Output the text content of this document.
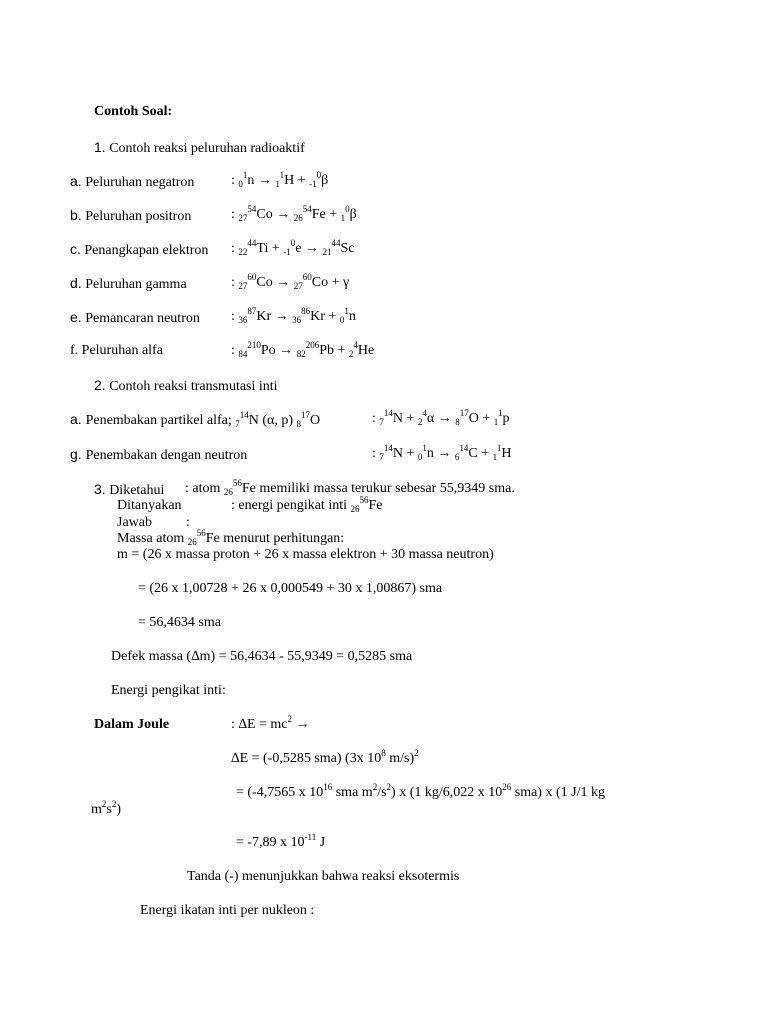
Contoh Soal:
1. Contoh reaksi peluruhan radioaktif
2. Contoh reaksi transmutasi inti
3. Diketahui : atom $_{26}^{56}$Fe memiliki massa terukur sebesar 55,9349 sma.
Ditanyakan	: energi pengikat inti $_{26}^{56}$Fe
Jawab :
Massa atom $_{26}^{56}$Fe menurut perhitungan:
m = (26 x massa proton + 26 x massa elektron + 30 massa neutron)
= (26 x 1,00728 + 26 x 0,000549 + 30 x 1,00867) sma
= 56,4634 sma
Defek massa (∆m) = 56,4634 - 55,9349 = 0,5285 sma
Energi pengikat inti:
Dalam Joule	: $\Delta E = mc^2$ →
∆E = (-0,5285 sma) (3x $10^8$ m/s)$^2$
= (-4,7565 x $10^{16}$ sma $m^2/s^2$) x (1 kg/6,022 x $10^{26}$ sma) x (1 J/1 kg
$m^2s^2$)
= -7,89 x $10^{-11}$ J
Tanda (-) menunjukkan bahwa reaksi eksotermis
Energi ikatan inti per nukleon :
a. Peluruhan negatron	: $_0^1$n → $_1^1$H + $_{-1}^0$β
b. Peluruhan positron	: $_{27}^{54}$Co → $_{26}^{54}$Fe + $_1^0$β
c. Penangkapan elektron : $_{22}^{44}$Ti + $_{-1}^0$e → $_{21}^{44}$Sc
d. Peluruhan gamma	: $_{27}^{60}$Co → $_{27}^{60}$Co + γ
e. Pemancaran neutron : $_{36}^{87}$Kr → $_{36}^{86}$Kr + $_0^1$n
f. Peluruhan alfa	: $_{84}^{210}$Po → $_{82}^{206}$Pb + $_2^4$He
a. Penembakan partikel alfa; $_7^{14}$N (α, p) $_8^{17}$O	: $_7^{14}$N + $_2^4$α → $_8^{17}$O + $_1^1$p
g. Penembakan dengan neutron	: $_7^{14}$N + $_0^1$n → $_6^{14}$C + $_1^1$H
